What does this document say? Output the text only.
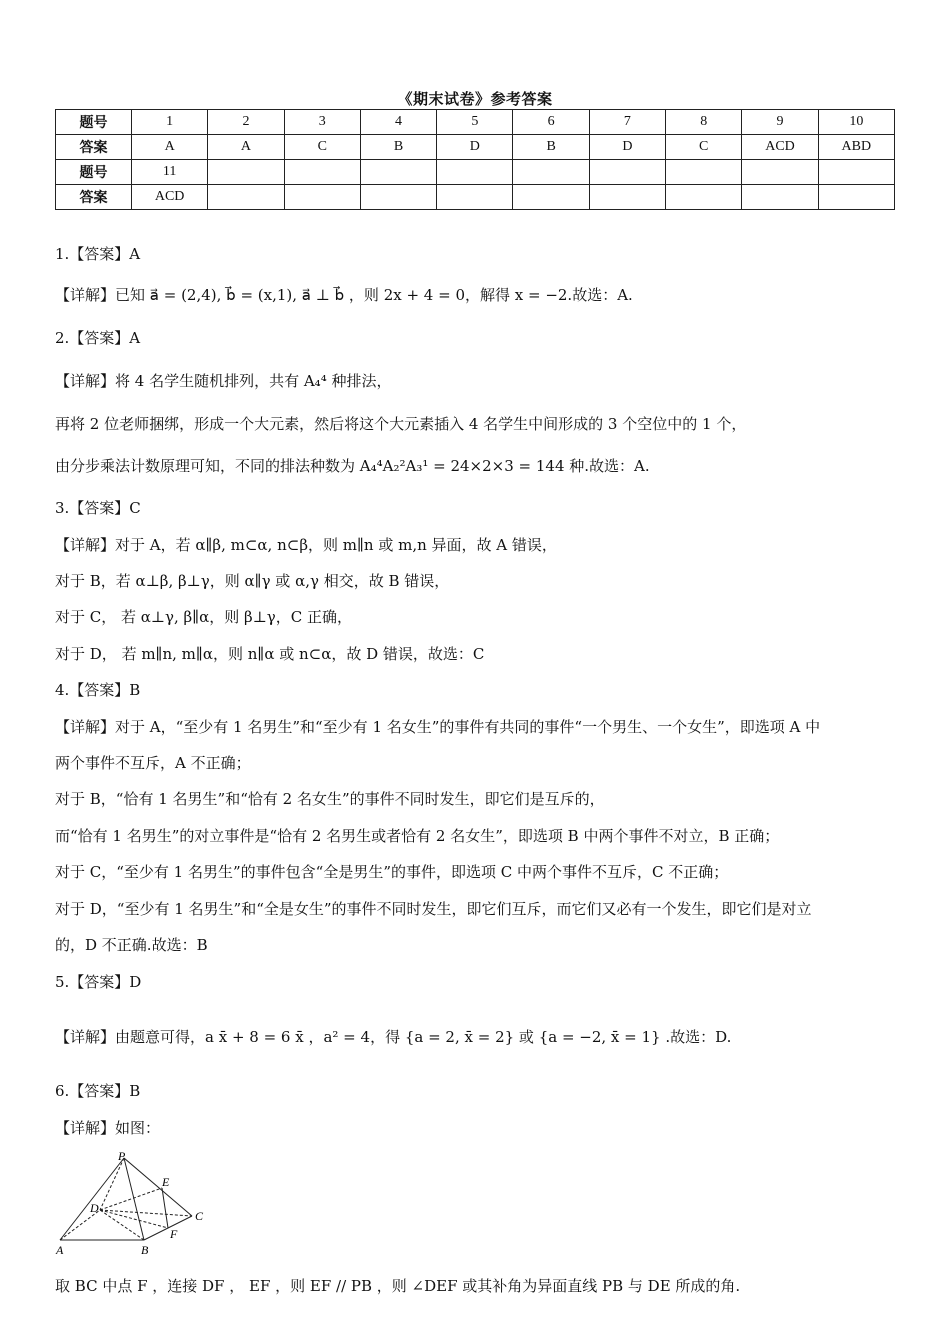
《期末试卷》参考答案
题号	1	2	3	4	5	6	7	8	9	10
答案	A	A	C	B	D	B	D	C	ACD	ABD
题号	11									
答案	ACD									
1.【答案】A
【详解】已知 a⃗ = (2,4), b⃗ = (x,1), a⃗ ⊥ b⃗ ，则 2x + 4 = 0，解得 x = −2.故选：A.
2.【答案】A
【详解】将 4 名学生随机排列，共有 A₄⁴ 种排法，
再将 2 位老师捆绑，形成一个大元素，然后将这个大元素插入 4 名学生中间形成的 3 个空位中的 1 个，
由分步乘法计数原理可知，不同的排法种数为 A₄⁴A₂²A₃¹ = 24×2×3 = 144 种.故选：A.
3.【答案】C
【详解】对于 A，若 α∥β, m⊂α, n⊂β，则 m∥n 或 m,n 异面，故 A 错误，
对于 B，若 α⊥β, β⊥γ，则 α∥γ 或 α,γ 相交，故 B 错误，
对于 C， 若 α⊥γ, β∥α，则 β⊥γ，C 正确，
对于 D， 若 m∥n, m∥α，则 n∥α 或 n⊂α，故 D 错误，故选：C
4.【答案】B
【详解】对于 A，“至少有 1 名男生”和“至少有 1 名女生”的事件有共同的事件“一个男生、一个女生”，即选项 A 中
两个事件不互斥，A 不正确；
对于 B，“恰有 1 名男生”和“恰有 2 名女生”的事件不同时发生，即它们是互斥的，
而“恰有 1 名男生”的对立事件是“恰有 2 名男生或者恰有 2 名女生”，即选项 B 中两个事件不对立，B 正确；
对于 C，“至少有 1 名男生”的事件包含“全是男生”的事件，即选项 C 中两个事件不互斥，C 不正确；
对于 D，“至少有 1 名男生”和“全是女生”的事件不同时发生，即它们互斥，而它们又必有一个发生，即它们是对立
的，D 不正确.故选：B
5.【答案】D
【详解】由题意可得，a x̄ + 8 = 6 x̄ ，a² = 4，得 {a = 2, x̄ = 2} 或 {a = −2, x̄ = 1} .故选：D.
6.【答案】B
【详解】如图：
P
E
D
C
F
A	B
取 BC 中点 F ，连接 DF ， EF ，则 EF // PB ，则 ∠DEF 或其补角为异面直线 PB 与 DE 所成的角.
